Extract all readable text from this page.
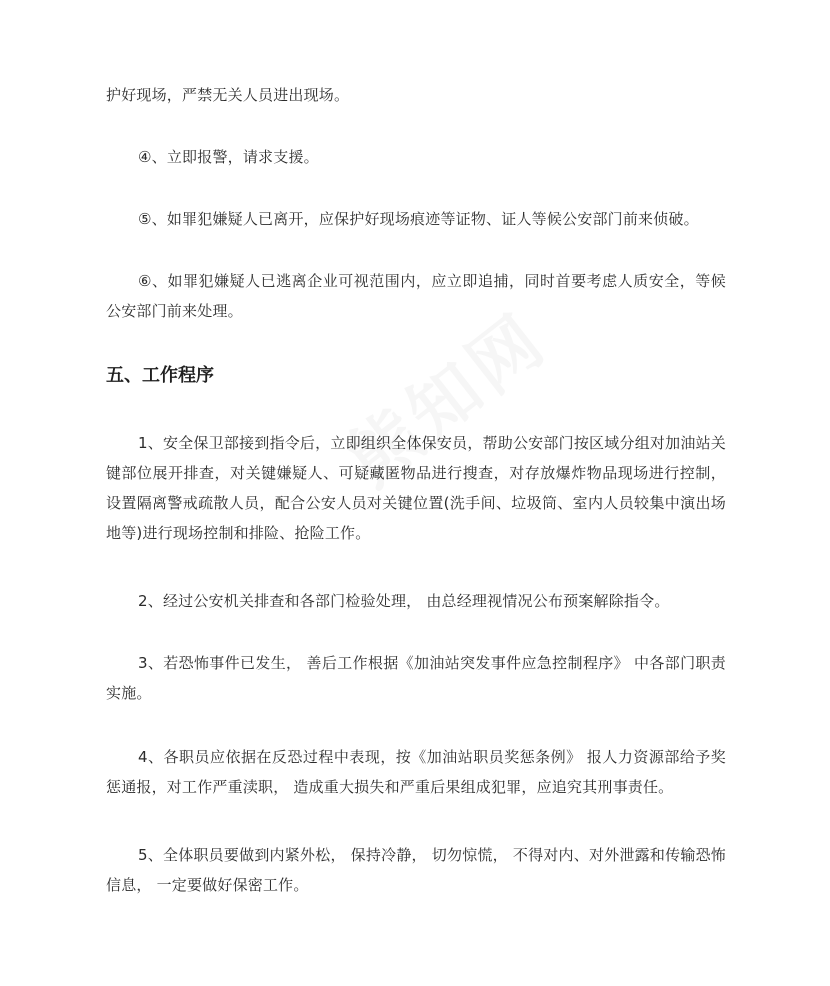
护好现场，严禁无关人员进出现场。

④、立即报警，请求支援。

⑤、如罪犯嫌疑人已离开，应保护好现场痕迹等证物、证人等候公安部门前来侦破。

⑥、如罪犯嫌疑人已逃离企业可视范围内，应立即追捕，同时首要考虑人质安全，等候公安部门前来处理。

五、工作程序

1、安全保卫部接到指令后，立即组织全体保安员，帮助公安部门按区域分组对加油站关键部位展开排查，对关键嫌疑人、可疑藏匿物品进行搜查，对存放爆炸物品现场进行控制，设置隔离警戒疏散人员，配合公安人员对关键位置(洗手间、垃圾筒、室内人员较集中演出场地等)进行现场控制和排险、抢险工作。

2、经过公安机关排查和各部门检验处理， 由总经理视情况公布预案解除指令。

3、若恐怖事件已发生， 善后工作根据《加油站突发事件应急控制程序》 中各部门职责实施。

4、各职员应依据在反恐过程中表现，按《加油站职员奖惩条例》 报人力资源部给予奖惩通报，对工作严重渎职， 造成重大损失和严重后果组成犯罪，应追究其刑事责任。

5、全体职员要做到内紧外松， 保持冷静， 切勿惊慌， 不得对内、对外泄露和传输恐怖信息， 一定要做好保密工作。
